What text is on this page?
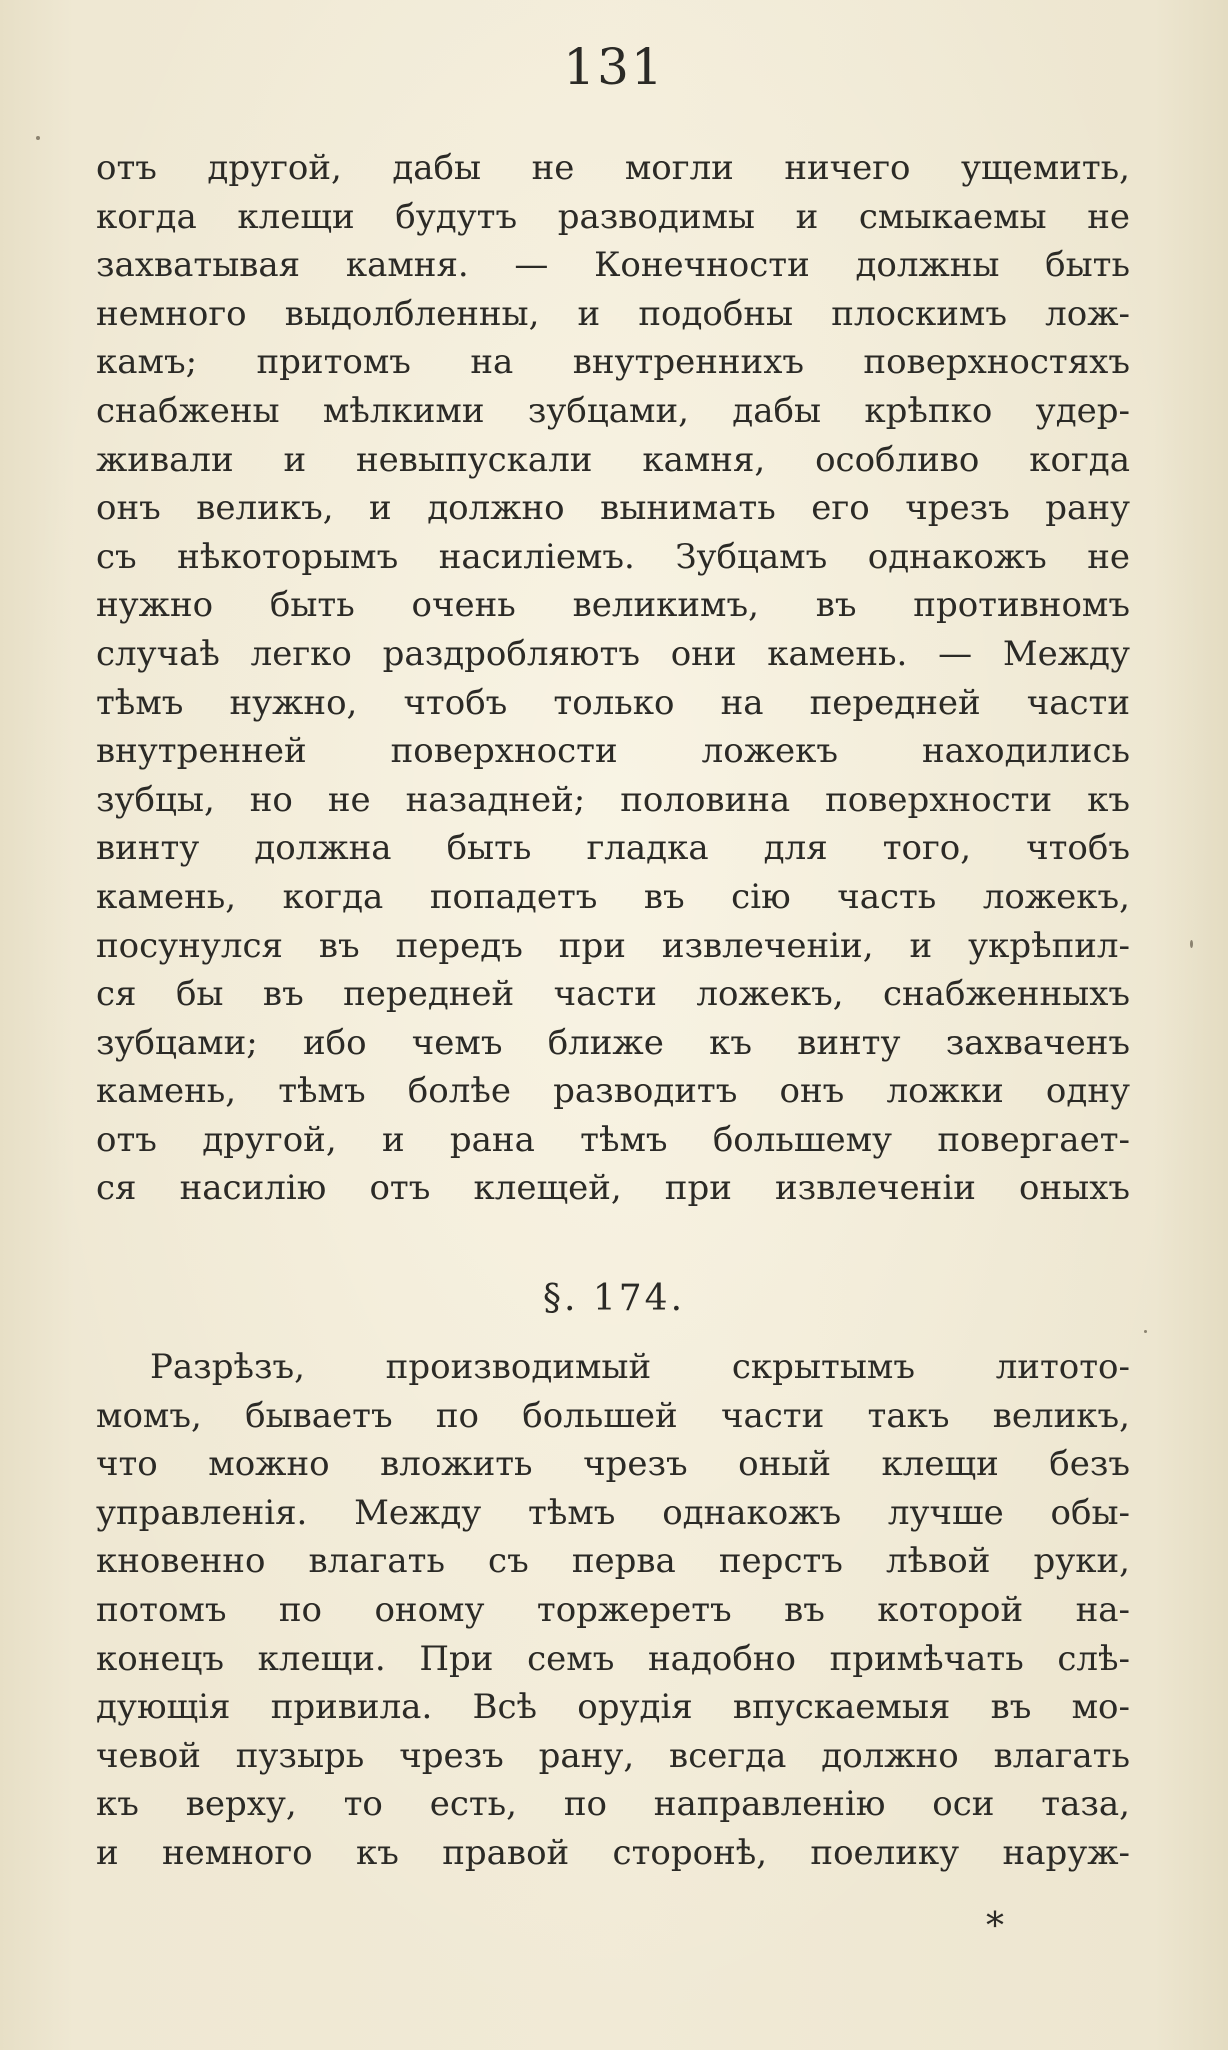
131
отъ другой, дабы не могли ничего ущемить,
когда клещи будутъ разводимы и смыкаемы не
захватывая камня. — Конечности должны быть
немного выдолбленны, и подобны плоскимъ лож-
камъ; притомъ на внутреннихъ поверхностяхъ
снабжены мѣлкими зубцами, дабы крѣпко удер-
живали и невыпускали камня, особливо когда
онъ великъ, и должно вынимать его чрезъ рану
съ нѣкоторымъ насиліемъ. Зубцамъ однакожъ не
нужно быть очень великимъ, въ противномъ
случаѣ легко раздробляютъ они камень. — Между
тѣмъ нужно, чтобъ только на передней части
внутренней поверхности ложекъ находились
зубцы, но не назадней; половина поверхности къ
винту должна быть гладка для того, чтобъ
камень, когда попадетъ въ сію часть ложекъ,
посунулся въ передъ при извлеченіи, и укрѣпил-
ся бы въ передней части ложекъ, снабженныхъ
зубцами; ибо чемъ ближе къ винту захваченъ
камень, тѣмъ болѣе разводитъ онъ ложки одну
отъ другой, и рана тѣмъ большему повергает-
ся насилію отъ клещей, при извлеченіи оныхъ
§. 174.
Разрѣзъ, производимый скрытымъ литото-
момъ, бываетъ по большей части такъ великъ,
что можно вложить чрезъ оный клещи безъ
управленія. Между тѣмъ однакожъ лучше обы-
кновенно влагать съ перва перстъ лѣвой руки,
потомъ по оному торжеретъ въ которой на-
конецъ клещи. При семъ надобно примѣчать слѣ-
дующія привила. Всѣ орудія впускаемыя въ мо-
чевой пузырь чрезъ рану, всегда должно влагать
къ верху, то есть, по направленію оси таза,
и немного къ правой сторонѣ, поелику наруж-
*
